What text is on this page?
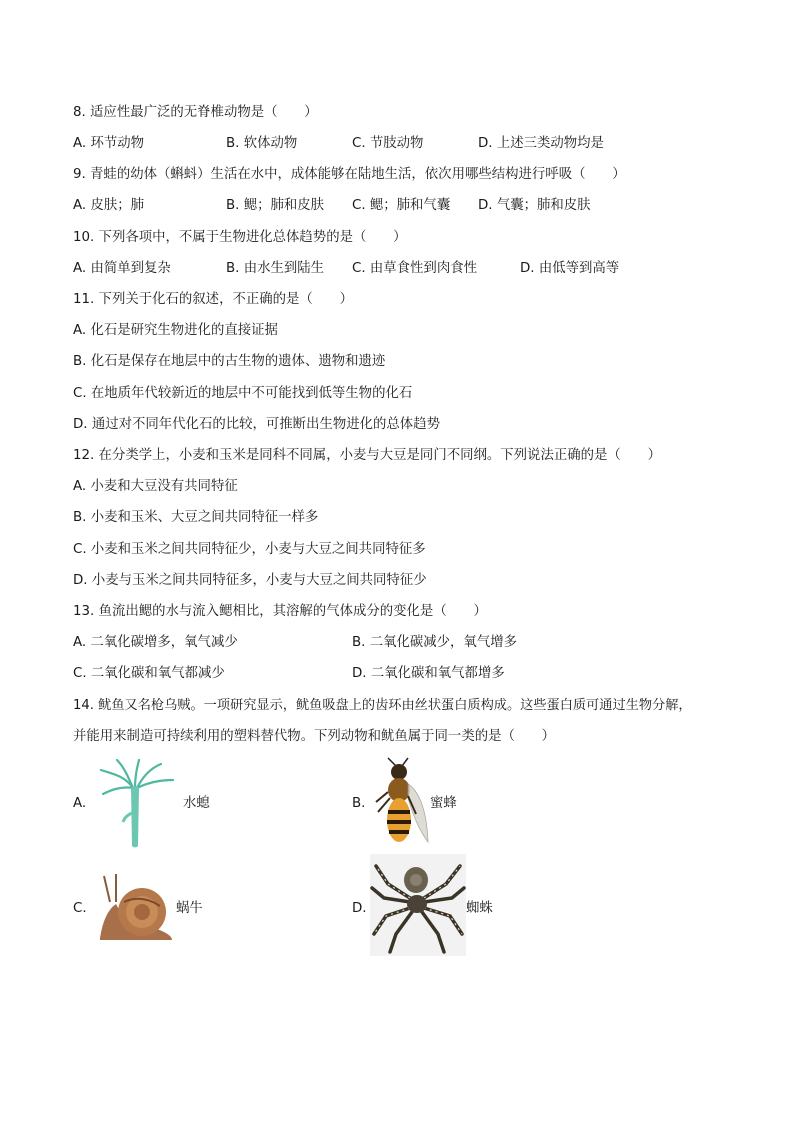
8. 适应性最广泛的无脊椎动物是（　　）
A. 环节动物	B. 软体动物	C. 节肢动物	D. 上述三类动物均是
9. 青蛙的幼体（蝌蚪）生活在水中，成体能够在陆地生活，依次用哪些结构进行呼吸（　　）
A. 皮肤；肺	B. 鳃；肺和皮肤 C. 鳃；肺和气囊 D. 气囊；肺和皮肤
10. 下列各项中，不属于生物进化总体趋势的是（　　）
A. 由简单到复杂	B. 由水生到陆生 C. 由草食性到肉食性	D. 由低等到高等
11. 下列关于化石的叙述，不正确的是（　　）
A. 化石是研究生物进化的直接证据
B. 化石是保存在地层中的古生物的遗体、遗物和遗迹
C. 在地质年代较新近的地层中不可能找到低等生物的化石
D. 通过对不同年代化石的比较，可推断出生物进化的总体趋势
12. 在分类学上，小麦和玉米是同科不同属，小麦与大豆是同门不同纲。下列说法正确的是（　　）
A. 小麦和大豆没有共同特征
B. 小麦和玉米、大豆之间共同特征一样多
C. 小麦和玉米之间共同特征少，小麦与大豆之间共同特征多
D. 小麦与玉米之间共同特征多，小麦与大豆之间共同特征少
13. 鱼流出鳃的水与流入鳃相比，其溶解的气体成分的变化是（　　）
A. 二氧化碳增多，氧气减少	B. 二氧化碳减少，氧气增多
C. 二氧化碳和氧气都减少	D. 二氧化碳和氧气都增多
14. 鱿鱼又名枪乌贼。一项研究显示，鱿鱼吸盘上的齿环由丝状蛋白质构成。这些蛋白质可通过生物分解，
并能用来制造可持续利用的塑料替代物。下列动物和鱿鱼属于同一类的是（　　）
A.	水螅	B.	蜜蜂
C.	蜗牛	D.	蜘蛛
